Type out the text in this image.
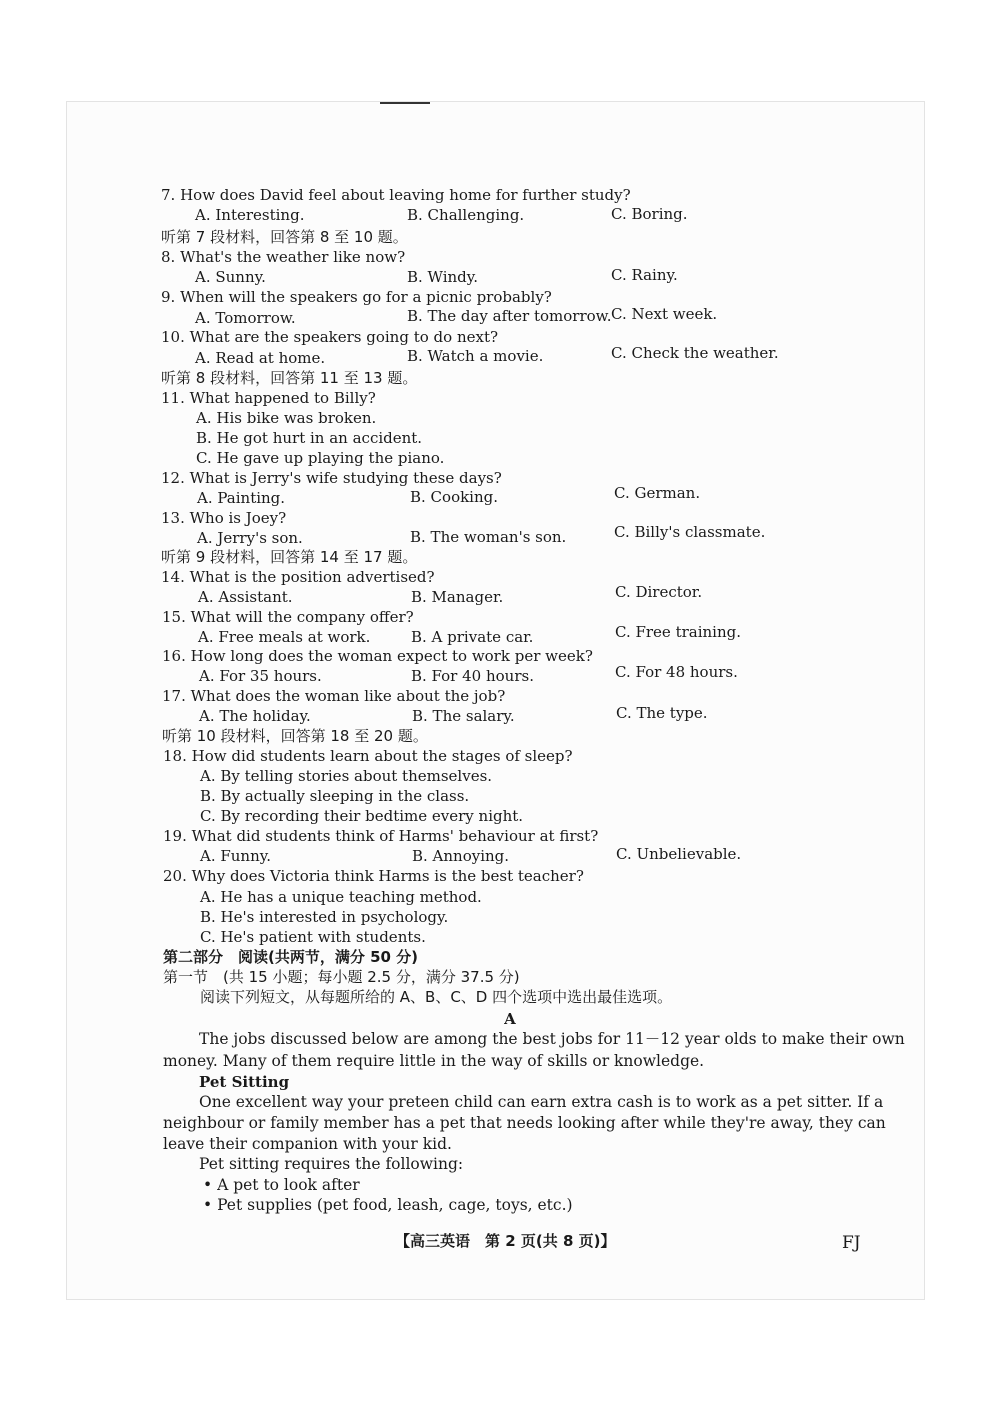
7. How does David feel about leaving home for further study?
A. Interesting.	B. Challenging.	C. Boring.
听第 7 段材料，回答第 8 至 10 题。
8. What's the weather like now?
A. Sunny.	B. Windy.	C. Rainy.
9. When will the speakers go for a picnic probably?
A. Tomorrow.	B. The day after tomorrow. C. Next week.
10. What are the speakers going to do next?
A. Read at home.	B. Watch a movie.	C. Check the weather.
听第 8 段材料，回答第 11 至 13 题。
11. What happened to Billy?
A. His bike was broken.
B. He got hurt in an accident.
C. He gave up playing the piano.
12. What is Jerry's wife studying these days?
A. Painting.	B. Cooking.	C. German.
13. Who is Joey?
A. Jerry's son.	B. The woman's son.	C. Billy's classmate.
听第 9 段材料，回答第 14 至 17 题。
14. What is the position advertised?
A. Assistant.	B. Manager.	C. Director.
15. What will the company offer?
A. Free meals at work.	B. A private car.	C. Free training.
16. How long does the woman expect to work per week?
A. For 35 hours.	B. For 40 hours.	C. For 48 hours.
17. What does the woman like about the job?
A. The holiday.	B. The salary.	C. The type.
听第 10 段材料，回答第 18 至 20 题。
18. How did students learn about the stages of sleep?
A. By telling stories about themselves.
B. By actually sleeping in the class.
C. By recording their bedtime every night.
19. What did students think of Harms' behaviour at first?
A. Funny.	B. Annoying.	C. Unbelievable.
20. Why does Victoria think Harms is the best teacher?
A. He has a unique teaching method.
B. He's interested in psychology.
C. He's patient with students.
第二部分　阅读(共两节，满分 50 分)
第一节　(共 15 小题；每小题 2.5 分，满分 37.5 分)
阅读下列短文，从每题所给的 A、B、C、D 四个选项中选出最佳选项。
A
The jobs discussed below are among the best jobs for 11－12 year olds to make their own
money. Many of them require little in the way of skills or knowledge.
Pet Sitting
One excellent way your preteen child can earn extra cash is to work as a pet sitter. If a
neighbour or family member has a pet that needs looking after while they're away, they can
leave their companion with your kid.
Pet sitting requires the following:
• A pet to look after
• Pet supplies (pet food, leash, cage, toys, etc.)
【高三英语　第 2 页(共 8 页)】	FJ
